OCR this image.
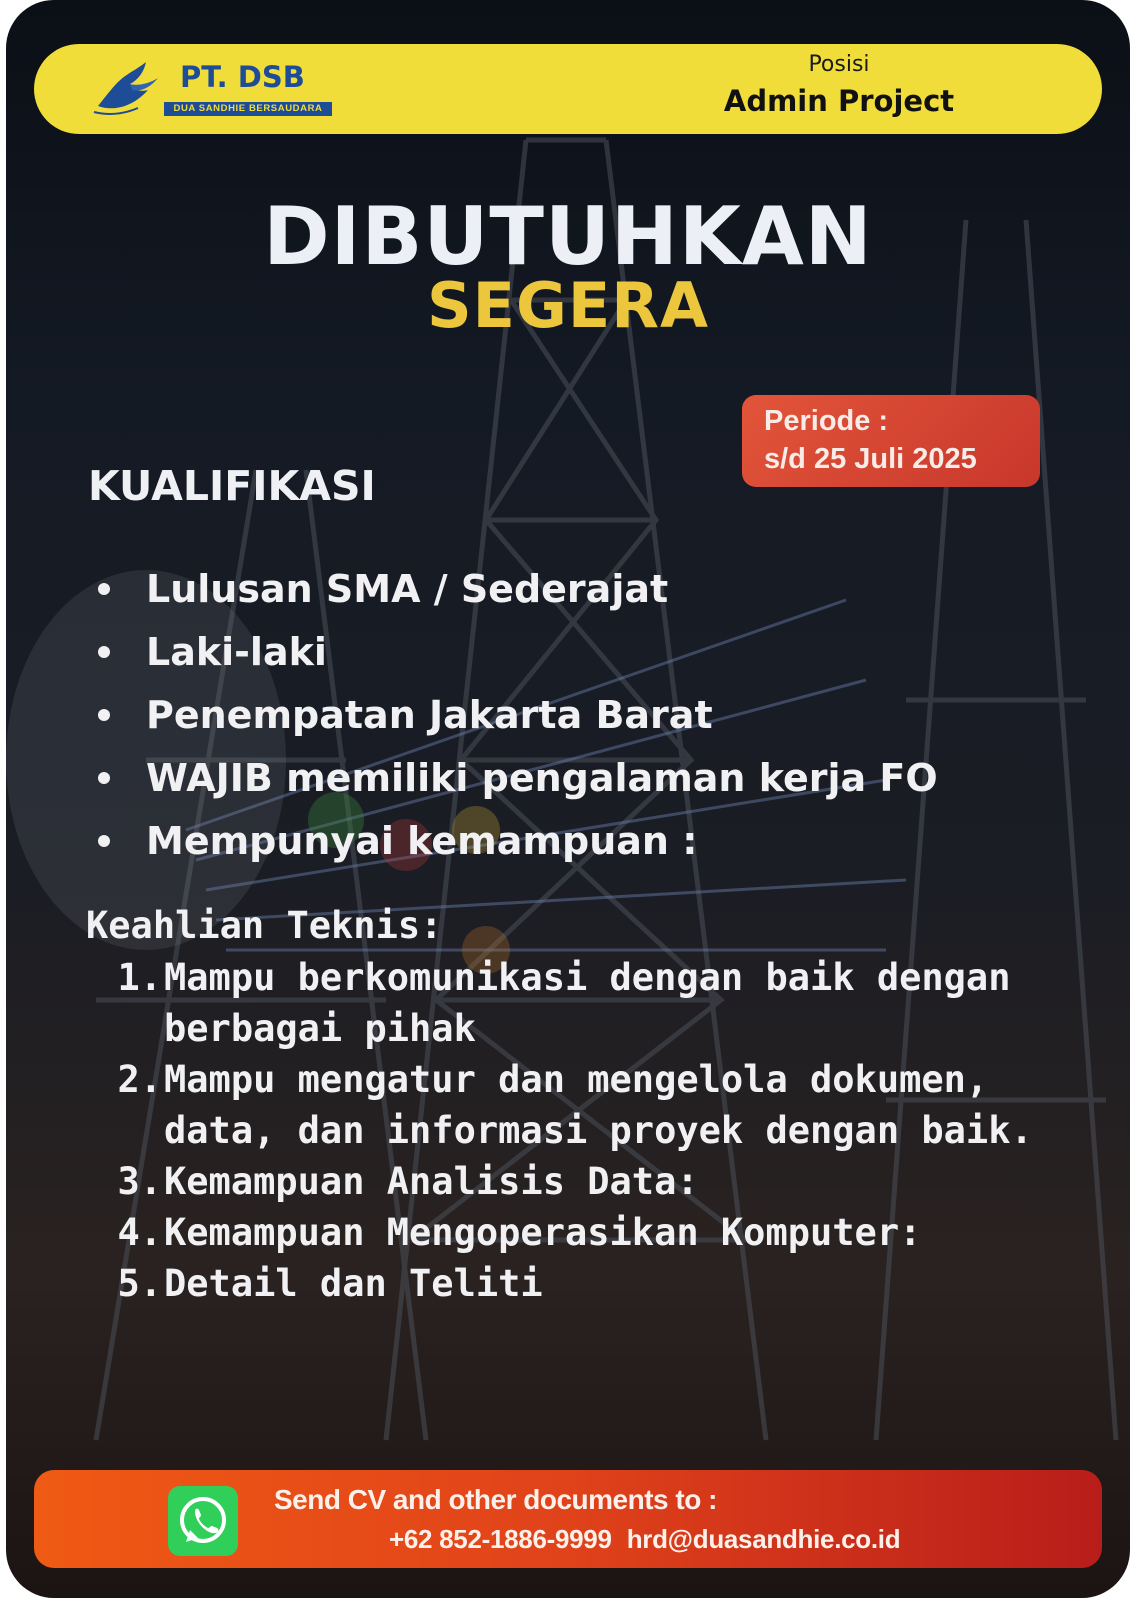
PT. DSB
DUA SANDHIE BERSAUDARA
Posisi
Admin Project
DIBUTUHKAN
SEGERA
Periode :
s/d 25 Juli 2025
KUALIFIKASI
Lulusan SMA / Sederajat
Laki-laki
Penempatan Jakarta Barat
WAJIB memiliki pengalaman kerja FO
Mempunyai kemampuan :
Keahlian Teknis:
1. Mampu berkomunikasi dengan baik dengan berbagai pihak
2. Mampu mengatur dan mengelola dokumen, data, dan informasi proyek dengan baik.
3. Kemampuan Analisis Data:
4. Kemampuan Mengoperasikan Komputer:
5. Detail dan Teliti
Send CV and other documents to :
+62 852-1886-9999 hrd@duasandhie.co.id
